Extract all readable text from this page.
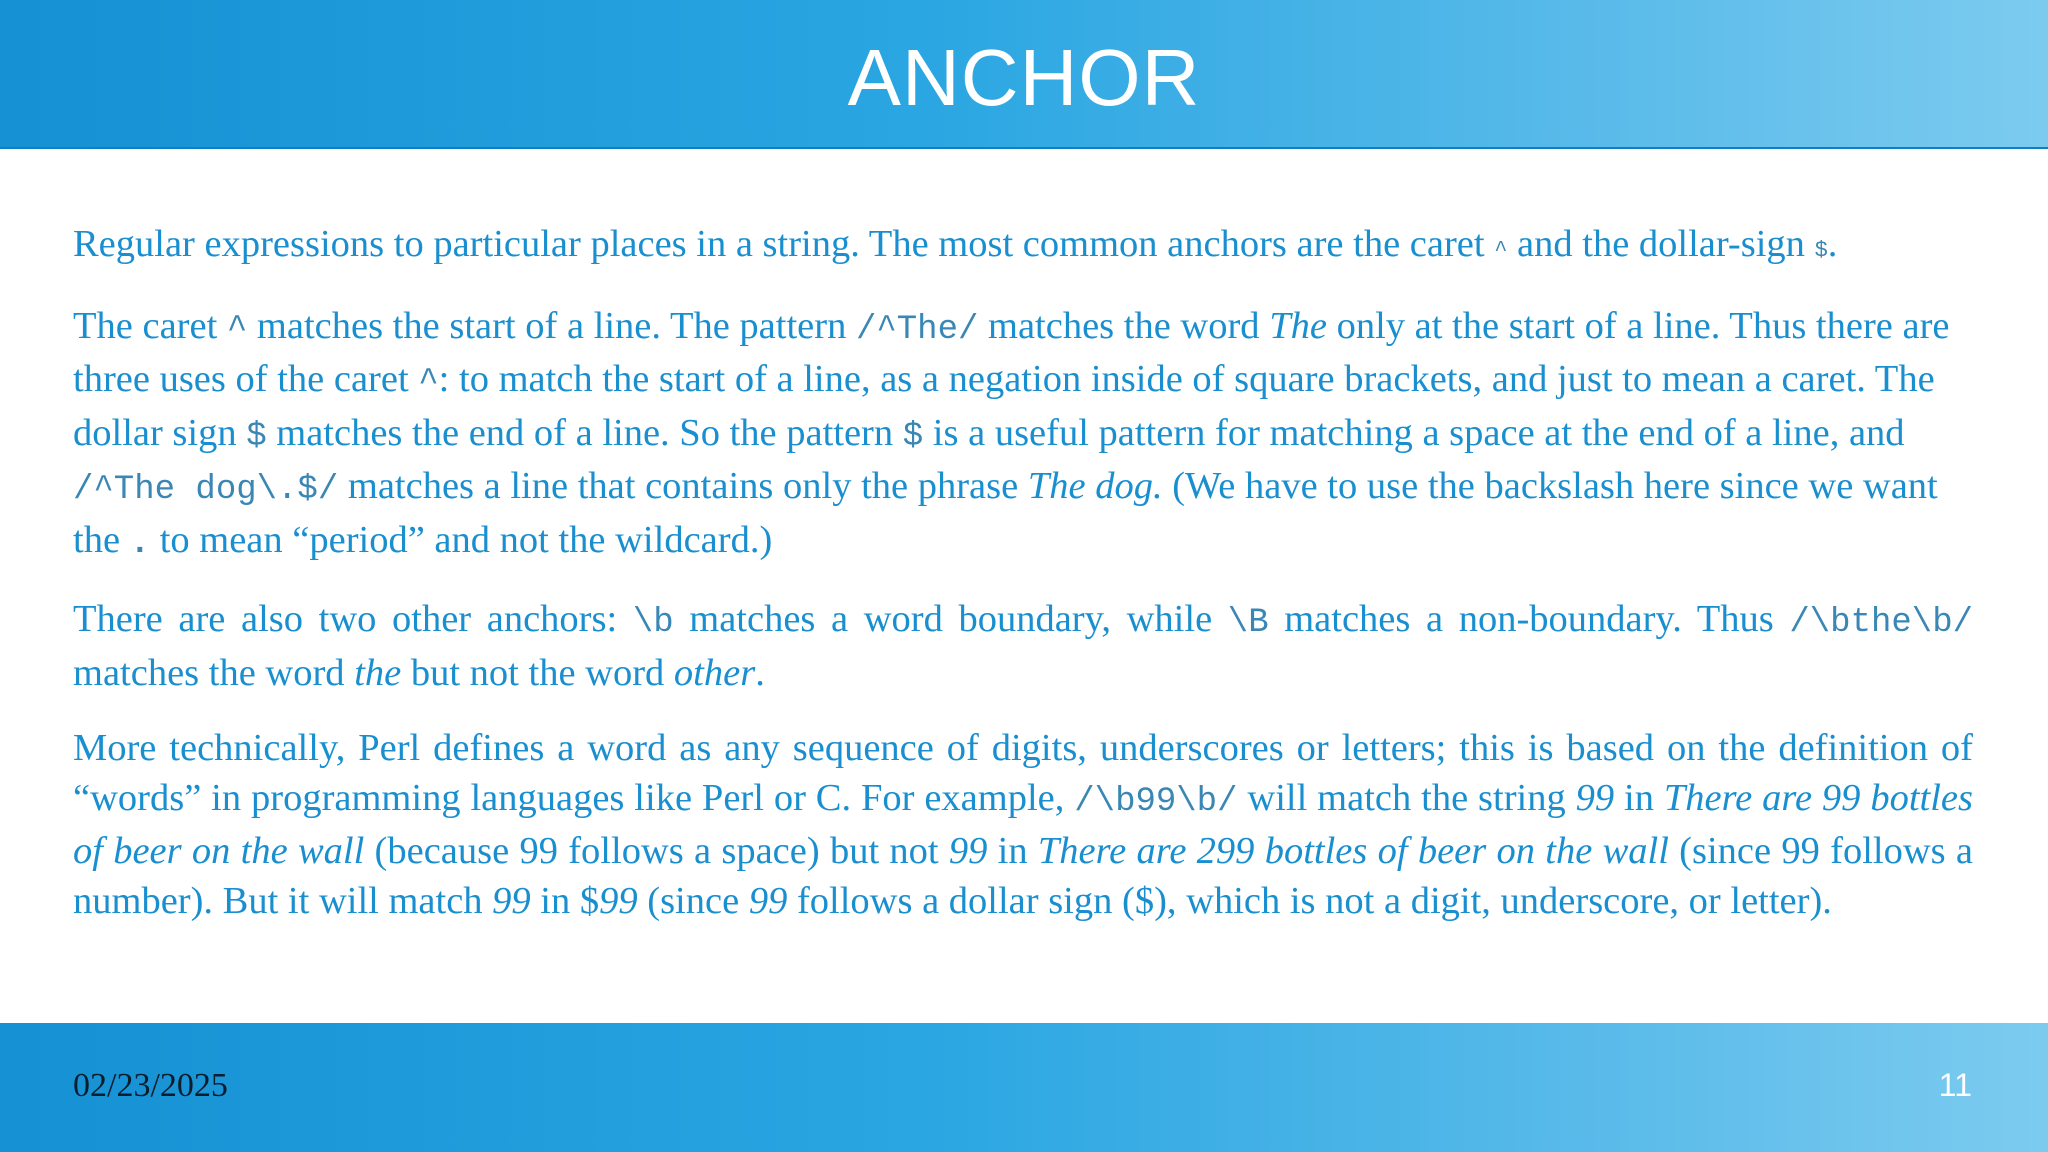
ANCHOR

Regular expressions to particular places in a string. The most common anchors are the caret ^ and the dollar-sign $.

The caret ^ matches the start of a line. The pattern /^The/ matches the word The only at the start of a line. Thus there are three uses of the caret ^: to match the start of a line, as a negation inside of square brackets, and just to mean a caret. The dollar sign $ matches the end of a line. So the pattern $ is a useful pattern for matching a space at the end of a line, and /^The dog\.$/ matches a line that contains only the phrase The dog. (We have to use the backslash here since we want the . to mean “period” and not the wildcard.)

There are also two other anchors: \b matches a word boundary, while \B matches a non-boundary. Thus /\bthe\b/ matches the word the but not the word other.

More technically, Perl defines a word as any sequence of digits, underscores or letters; this is based on the definition of “words” in programming languages like Perl or C. For example, /\b99\b/ will match the string 99 in There are 99 bottles of beer on the wall (because 99 follows a space) but not 99 in There are 299 bottles of beer on the wall (since 99 follows a number). But it will match 99 in $99 (since 99 follows a dollar sign ($), which is not a digit, underscore, or letter).

02/23/2025	11
